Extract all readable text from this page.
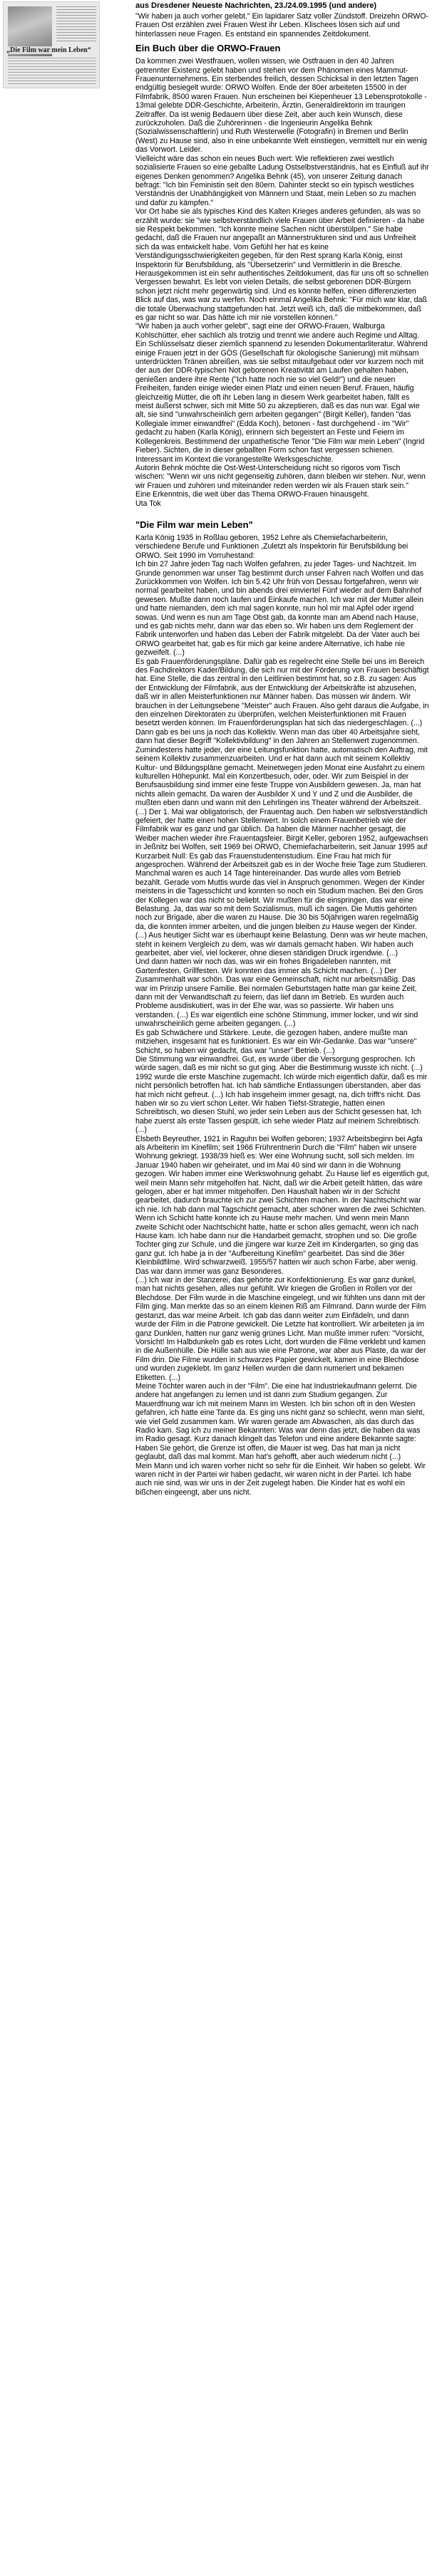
„Die Film war mein Leben“
aus Dresdener Neueste Nachrichten, 23./24.09.1995 (und andere)

"Wir haben ja auch vorher gelebt." Ein lapidarer Satz voller Zündstoff. Dreizehn ORWO-Frauen Ost erzählen zwei Frauen West ihr Leben. Klischees lösen sich auf und hinterlassen neue Fragen. Es entstand ein spannendes Zeitdokument.

Ein Buch über die ORWO-Frauen

Da kommen zwei Westfrauen, wollen wissen, wie Ostfrauen in den 40 Jahren getrennter Existenz gelebt haben und stehen vor dem Phänomen eines Mammut- Frauenunternehmens. Ein sterbendes freilich, dessen Schicksal in den letzten Tagen endgültig besiegelt wurde: ORWO Wolfen. Ende der 80er arbeiteten 15500 in der Filmfabrik, 8500 waren Frauen. Nun erscheinen bei Kiepenheuer 13 Lebensprotokolle - 13mal gelebte DDR-Geschichte, Arbeiterin, Ärztin, Generaldirektorin im traurigen Zeitraffer. Da ist wenig Bedauern über diese Zeit, aber auch kein Wunsch, diese zurückzuholen. Daß die Zuhörerinnen - die Ingenieurin Angelika Behnk (Sozialwissenschaftlerin) und Ruth Westerwelle (Fotografin) in Bremen und Berlin (West) zu Hause sind, also in eine unbekannte Welt einstiegen, vermittelt nur ein wenig das Vorwort. Leider.
Vielleicht wäre das schon ein neues Buch wert: Wie reflektieren zwei westlich sozialisierte Frauen so eine geballte Ladung Ostselbstverständnis, hat es Einfluß auf ihr eigenes Denken genommen? Angelika Behnk (45), von unserer Zeitung danach befragt: "Ich bin Feministin seit den 80ern. Dahinter steckt so ein typisch westliches Verständnis der Unabhängigkeit von Männern und Staat, mein Leben so zu machen und dafür zu kämpfen."
Vor Ort habe sie als typisches Kind des Kalten Krieges anderes gefunden, als was so erzählt wurde: sie "wie selbstverständlich viele Frauen über Arbeit definieren - da habe sie Respekt bekommen. "Ich konnte meine Sachen nicht überstülpen." Sie habe gedacht, daß die Frauen nur angepaßt an Männerstrukturen sind und aus Unfreiheit sich da was entwickelt habe. Vom Gefühl her hat es keine Verständigungsschwierigkeiten gegeben, für den Rest sprang Karla König, einst Inspektorin für Berufsbildung, als "Übersetzerin" und Vermittlerin in die Bresche.
Herausgekommen ist ein sehr authentisches Zeitdokument, das für uns oft so schnellen Vergessen bewahrt. Es lebt von vielen Details, die selbst geborenen DDR-Bürgern schon jetzt nicht mehr gegenwärtig sind. Und es könnte helfen, einen differenzierten Blick auf das, was war zu werfen. Noch einmal Angelika Behnk: "Für mich war klar, daß die totale Überwachung stattgefunden hat. Jetzt weiß ich, daß die mitbekommen, daß es gar nicht so war. Das hätte ich mir nie vorstellen können."
"Wir haben ja auch vorher gelebt", sagt eine der ORWO-Frauen, Walburga Kohlschütter, eher sachlich als trotzig und trennt wie andere auch Regime und Alltag. Ein Schlüsselsatz dieser ziemlich spannend zu lesenden Dokumentarliteratur. Während einige Frauen jetzt in der GÖS (Gesellschaft für ökologische Sanierung) mit mühsam unterdrückten Tränen abreißen, was sie selbst mitaufgebaut oder vor kurzem noch mit der aus der DDR-typischen Not geborenen Kreativität am Laufen gehalten haben, genießen andere ihre Rente ("Ich hatte noch nie so viel Geld!") und die neuen Freiheiten, fanden einige wieder einen Platz und einen neuen Beruf. Frauen, häufig gleichzeitig Mütter, die oft ihr Leben lang in diesem Werk gearbeitet haben, fällt es meist äußerst schwer, sich mit Mitte 50 zu akzeptieren, daß es das nun war. Egal wie alt, sie sind "unwahrscheinlich gern arbeiten gegangen" (Birgit Keller), fanden "das Kollegiale immer einwandfrei" (Edda Koch), betonen - fast durchgehend - im "Wir" gedacht zu haben (Karla König), erinnern sich begeistert an Feste und Feiern im Kollegenkreis. Bestimmend der unpathetische Tenor "Die Film war mein Leben" (Ingrid Fieber). Sichten, die in dieser geballten Form schon fast vergessen schienen. Interessant im Kontext die vorangestellte Werksgeschichte.
Autorin Behnk möchte die Ost-West-Unterscheidung nicht so rigoros vom Tisch wischen: "Wenn wir uns nicht gegenseitig zuhören, dann bleiben wir stehen. Nur, wenn wir Frauen und zuhören und miteinander reden werden wir als Frauen stark sein."
Eine Erkenntnis, die weit über das Thema ORWO-Frauen hinausgeht.

Uta Tok

"Die Film war mein Leben"

Karla König 1935 in Roßlau geboren, 1952 Lehre als Chemiefacharbeiterin, verschiedene Berufe und Funktionen ,Zuletzt als Inspektorin für Berufsbildung bei ORWO. Seit 1990 im Vorruhestand:
Ich bin 27 Jahre jeden Tag nach Wolfen gefahren, zu jeder Tages- und Nachtzeit. Im Grunde genommen war unser Tag bestimmt durch unser Fahren nach Wolfen und das Zurückkommen von Wolfen. Ich bin 5.42 Uhr früh von Dessau fortgefahren, wenn wir normal gearbeitet haben, und bin abends drei einviertel Fünf wieder auf dem Bahnhof gewesen. Mußte dann noch laufen und Einkaufe machen. Ich war mit der Mutter allein und hatte niemanden, dem ich mal sagen konnte, nun hol mir mal Apfel oder irgend sowas. Und wenn es nun am Tage Obst gab, da konnte man am Abend nach Hause, und es gab nichts mehr, dann war das eben so. Wir haben uns dem Reglement der Fabrik unterworfen und haben das Leben der Fabrik mitgelebt. Da der Vater auch bei ORWO gearbeitet hat, gab es für mich gar keine andere Alternative, ich habe nie gezweifelt. (...)
Es gab Frauenförderungspläne. Dafür gab es regelrecht eine Stelle bei uns im Bereich des Fachdirektors Kader/Bildung, die sich nur mit der Förderung von Frauen beschäftigt hat. Eine Stelle, die das zentral in den Leitlinien bestimmt hat, so z.B. zu sagen: Aus der Entwicklung der Filmfabrik, aus der Entwicklung der Arbeitskräfte ist abzusehen, daß wir in allen Meisterfunktionen nur Männer haben. Das müssen wir ändern. Wir brauchen in der Leitungsebene "Meister" auch Frauen. Also geht daraus die Aufgabe, in den einzelnen Direktoraten zu überprüfen, welchen Meisterfunktionen mit Frauen besetzt werden können. Im Frauenförderungsplan hat sich das niedergeschlagen. (...)
Dann gab es bei uns ja noch das Kollektiv. Wenn man das über 40 Arbeitsjahre sieht, dann hat dieser Begriff "Kollektivbildung" in den Jahren an Stellenwert zugenommen. Zumindestens hatte jeder, der eine Leitungsfunktion hatte, automatisch den Auftrag, mit seinem Kollektiv zusammenzuarbeiten. Und er hat dann auch mit seinem Kollektiv Kultur- und Bildungspläne gemacht. Meinetwegen jeden Monat eine Ausfahrt zu einem kulturellen Höhepunkt. Mal ein Konzertbesuch, oder, oder. Wir zum Beispiel in der Berufsausbildung sind immer eine feste Truppe von Ausbildern gewesen. Ja, man hat nichts allein gemacht. Da waren der Ausbilder X und Y und Z und die Ausbilder, die mußten eben dann und wann mit den Lehrlingen ins Theater während der Arbeitszeit. (...) Der 1. Mai war obligatorisch, der Frauentag auch. Den haben wir selbstverständlich gefeiert, der hatte einen hohen Stellenwert. In solch einem Frauenbetrieb wie der Filmfabrik war es ganz und gar üblich. Da haben die Männer nachher gesagt, die Weiber machen wieder ihre Frauentagsfeier. Birgit Keller, geboren 1952, aufgewachsen in Jeßnitz bei Wolfen, seit 1969 bei ORWO, Chemiefacharbeiterin, seit Januar 1995 auf Kurzarbeit Null: Es gab das Frauenstudentenstudium. Eine Frau hat mich für angesprochen. Während der Arbeitszeit gab es in der Woche freie Tage zum Studieren. Manchmal waren es auch 14 Tage hintereinander. Das wurde alles vom Betrieb bezahlt. Gerade vom Muttis wurde das viel in Anspruch genommen. Wegen der Kinder meistens in die Tagesschicht und konnten so noch ein Studium machen. Bei den Gros der Kollegen war das nicht so beliebt. Wir mußten für die einspringen, das war eine Belastung. Ja, das war so mit dem Sozialismus, muß ich sagen. Die Muttis gehörten noch zur Brigade, aber die waren zu Hause. Die 30 bis 50jährigen waren regelmäßig da, die konnten immer arbeiten, und die jungen bleiben zu Hause wegen der Kinder. (...) Aus heutiger Sicht war es überhaupt keine Belastung. Denn was wir heute machen, steht in keinem Vergleich zu dem, was wir damals gemacht haben. Wir haben auch gearbeitet, aber viel, viel lockerer, ohne diesen ständigen Druck irgendwie. (...)
Und dann hatten wir noch das, was wir ein frohes Brigadeleben nannten, mit Gartenfesten, Grillfesten. Wir konnten das immer als Schicht machen. (...) Der Zusammenhalt war schön. Das war eine Gemeinschaft, nicht nur arbeitsmäßig. Das war im Prinzip unsere Familie. Bei normalen Geburtstagen hatte man gar keine Zeit, dann mit der Verwandtschaft zu feiern, das lief dann im Betrieb. Es wurden auch Probleme ausdiskutiert, was in der Ehe war, was so passierte. Wir haben uns verstanden. (...) Es war eigentlich eine schöne Stimmung, immer locker, und wir sind unwahrscheinlich gerne arbeiten gegangen. (...)
Es gab Schwächere und Stärkere. Leute, die gezogen haben, andere mußte man mitziehen, insgesamt hat es funktioniert. Es war ein Wir-Gedanke. Das war "unsere" Schicht, so haben wir gedacht, das war "unser" Betrieb. (...)
Die Stimmung war einwandfrei. Gut, es wurde über die Versorgung gesprochen. Ich würde sagen, daß es mir nicht so gut ging. Aber die Bestimmung wusste ich nicht. (...) 1992 wurde die erste Maschine zugemacht. Ich würde mich eigentlich dafür, daß es mir nicht persönlich betroffen hat. Ich hab sämtliche Entlassungen überstanden, aber das hat mich nicht gefreut. (...) Ich hab insgeheim immer gesagt, na, dich trifft's nicht. Das haben wir so zu viert schon Leiter. Wir haben Tiefst-Strategie, hatten einen Schreibtisch, wo diesen Stuhl, wo jeder sein Leben aus der Schicht gesessen hat, Ich habe zuerst als erste Tassen gespült, ich sehe wieder Platz auf meinem Schreibtisch. (...)
Elsbeth Beyreuther, 1921 in Raguhn bei Wolfen geboren; 1937 Arbeitsbeginn bei Agfa als Arbeiterin im Kinefilm; seit 1966 Frührentnerin Durch die "Film" haben wir unsere Wohnung gekriegt. 1938/39 hieß es: Wer eine Wohnung sucht, soll sich melden. Im Januar 1940 haben wir geheiratet, und im Mai 40 sind wir dann in die Wohnung gezogen. Wir haben immer eine Werkswohnung gehabt. Zu Hause lief es eigentlich gut, weil mein Mann sehr mitgeholfen hat. Nicht, daß wir die Arbeit geteilt hätten, das wäre gelogen, aber er hat immer mitgeholfen. Den Haushalt haben wir in der Schicht gearbeitet, dadurch brauchte ich zur zwei Schichten machen. In der Nachtschicht war ich nie. Ich hab dann mal Tagschicht gemacht, aber schöner waren die zwei Schichten. Wenn ich Schicht hatte konnte ich zu Hause mehr machen. Und wenn mein Mann zweite Schicht oder Nachtschicht hatte, hatte er schon alles gemacht, wenn ich nach Hause kam. Ich habe dann nur die Handarbeit gemacht, strophen und so. Die große Tochter ging zur Schule, und die jüngere war kurze Zeit im Kindergarten, so ging das ganz gut. Ich habe ja in der "Aufbereitung Kinefilm" gearbeitet. Das sind die 36er Kleinbildfilme. Wird schwarzweiß. 1955/57 hatten wir auch schon Farbe, aber wenig. Das war dann immer was ganz Besonderes.
(...) Ich war in der Stanzerei, das gehörte zur Konfektionierung. Es war ganz dunkel, man hat nichts gesehen, alles nur gefühlt. Wir kriegen die Großen in Rollen vor der Blechdose. Der Film wurde in die Maschine eingelegt, und wir fühlten uns dann mit der Film ging. Man merkte das so an einem kleinen Riß am Filmrand. Dann wurde der Film gestanzt, das war meine Arbeit. Ich gab das dann weiter zum Einfädeln, und dann wurde der Film in die Patrone gewickelt. Die Letzte hat kontrolliert. Wir arbeiteten ja im ganz Dunklen, hatten nur ganz wenig grünes Licht. Man mußte immer rufen: "Vorsicht, Vorsicht! Im Halbdunkeln gab es rotes Licht, dort wurden die Filme verklebt und kamen in die Außenhülle. Die Hülle sah aus wie eine Patrone, war aber aus Plaste, da war der Film drin. Die Filme wurden in schwarzes Papier gewickelt, kamen in eine Blechdose und wurden zugeklebt. Im ganz Hellen wurden die dann numeriert und bekamen Etiketten. (...)
Meine Töchter waren auch in der "Film". Die eine hat Industriekaufmann gelernt. Die andere hat angefangen zu lernen und ist dann zum Studium gegangen. Zur Mauerdfnung war ich mit meinem Mann im Westen. Ich bin schon oft in den Westen gefahren, ich hatte eine Tante da. Es ging uns nicht ganz so schlecht, wenn man sieht, wie viel Geld zusammen kam. Wir waren gerade am Abwaschen, als das durch das Radio kam. Sag ich zu meiner Bekannten: Was war denn das jetzt, die haben da was im Radio gesagt. Kurz danach klingelt das Telefon und eine andere Bekannte sagte: Haben Sie gehört, die Grenze ist offen, die Mauer ist weg. Das hat man ja nicht geglaubt, daß das mal kommt. Man hat's gehofft, aber auch wiederum nicht (...)
Mein Mann und ich waren vorher nicht so sehr für die Einheit. Wir haben so gelebt. Wir waren nicht in der Partei wir haben gedacht, wir waren nicht in der Partei. Ich habe auch nie sind, was wir uns in der Zeit zugelegt haben. Die Kinder hat es wohl ein bißchen eingeengt, aber uns nicht.
